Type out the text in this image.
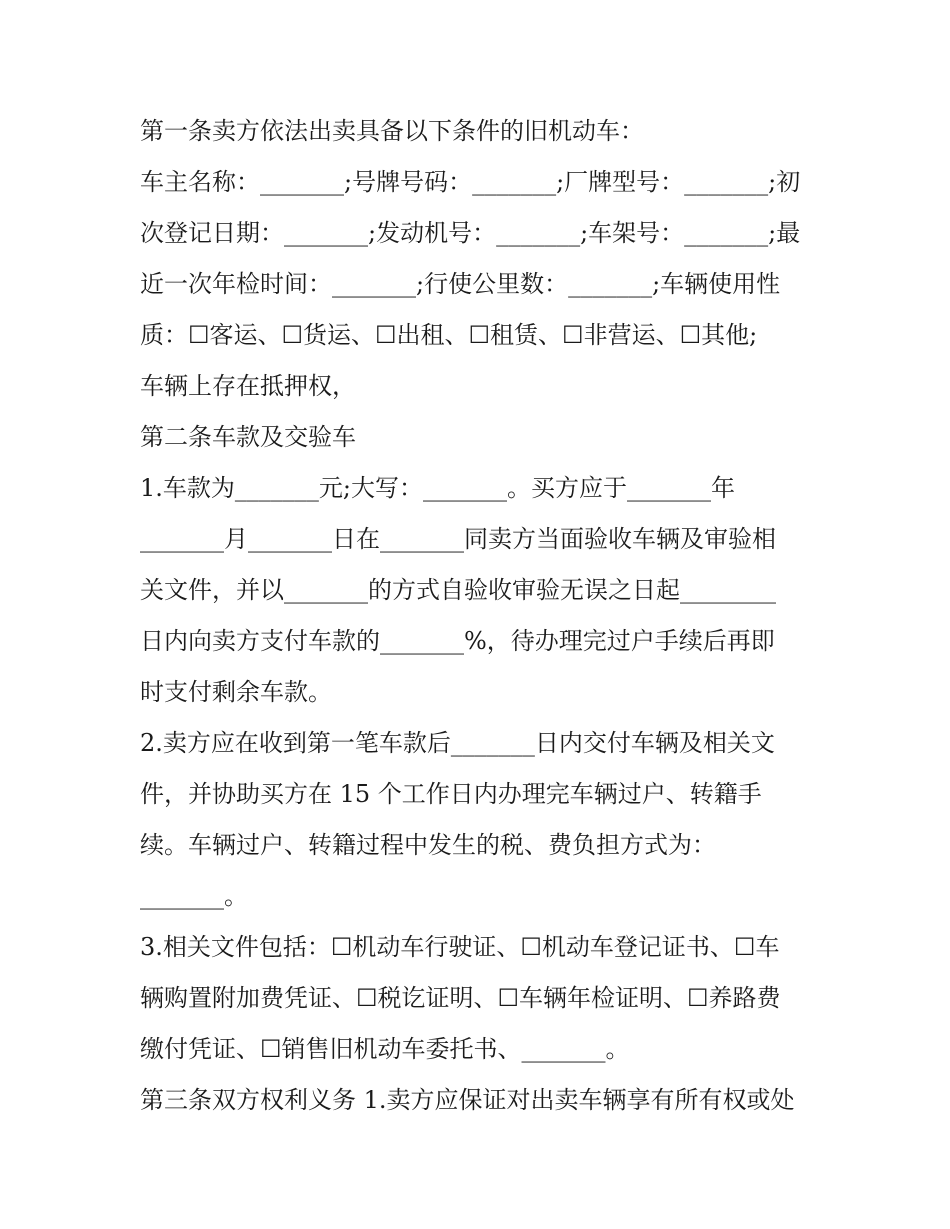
第一条卖方依法出卖具备以下条件的旧机动车：
车主名称：_______;号牌号码：_______;厂牌型号：_______;初
次登记日期：_______;发动机号：_______;车架号：_______;最
近一次年检时间：_______;行使公里数：_______;车辆使用性
质：☐客运、☐货运、☐出租、☐租赁、☐非营运、☐其他;
车辆上存在抵押权，
第二条车款及交验车
1.车款为_______元;大写：_______。买方应于_______年
_______月_______日在_______同卖方当面验收车辆及审验相
关文件，并以_______的方式自验收审验无误之日起________
日内向卖方支付车款的_______%，待办理完过户手续后再即
时支付剩余车款。
2.卖方应在收到第一笔车款后_______日内交付车辆及相关文
件，并协助买方在 15 个工作日内办理完车辆过户、转籍手
续。车辆过户、转籍过程中发生的税、费负担方式为：
_______。
3.相关文件包括：☐机动车行驶证、☐机动车登记证书、☐车
辆购置附加费凭证、☐税讫证明、☐车辆年检证明、☐养路费
缴付凭证、☐销售旧机动车委托书、_______。
第三条双方权利义务 1.卖方应保证对出卖车辆享有所有权或处
